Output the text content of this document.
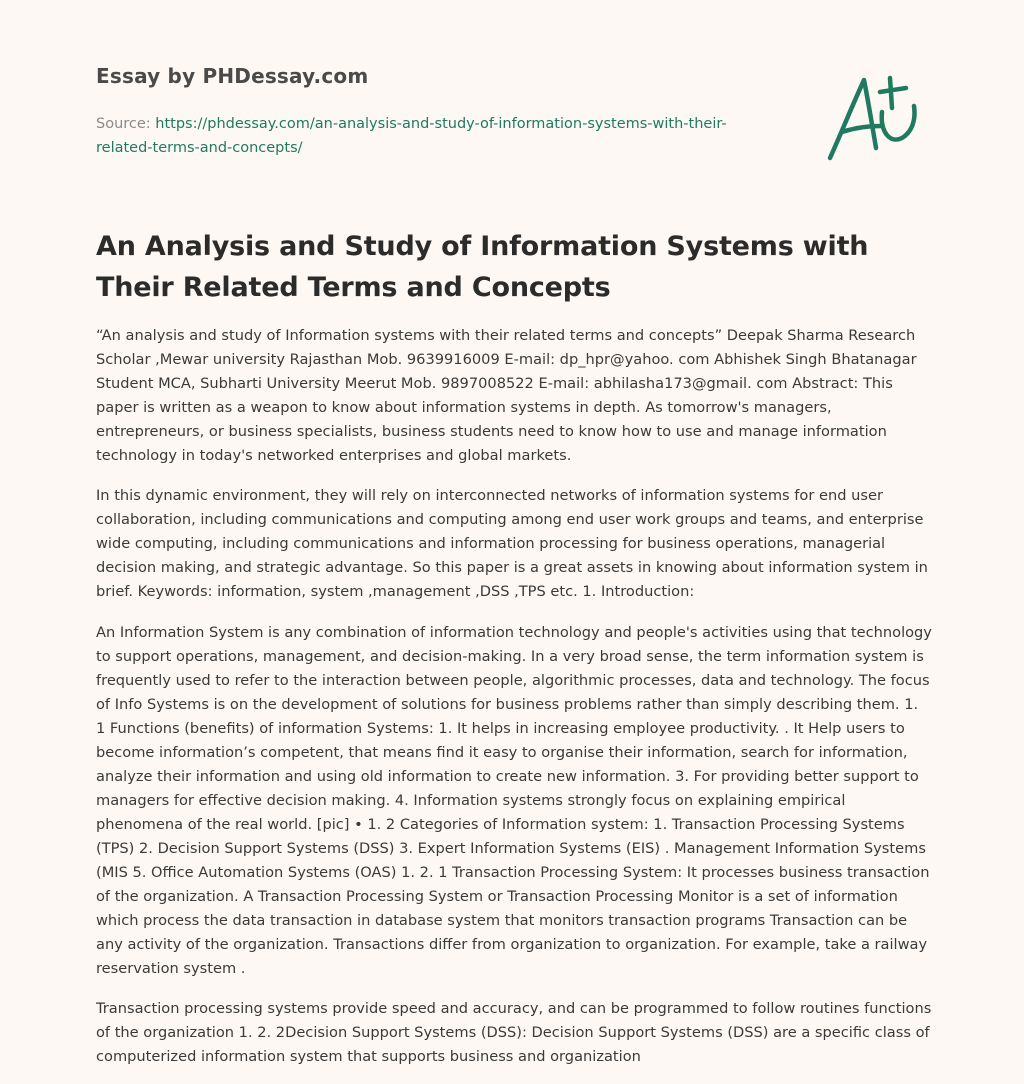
Essay by PHDessay.com
Source: https://phdessay.com/an-analysis-and-study-of-information-systems-with-their-related-terms-and-concepts/
An Analysis and Study of Information Systems with Their Related Terms and Concepts

“An analysis and study of Information systems with their related terms and concepts” Deepak Sharma Research Scholar ,Mewar university Rajasthan Mob. 9639916009 E-mail: dp_hpr@yahoo. com Abhishek Singh Bhatanagar Student MCA, Subharti University Meerut Mob. 9897008522 E-mail: abhilasha173@gmail. com Abstract: This paper is written as a weapon to know about information systems in depth. As tomorrow's managers, entrepreneurs, or business specialists, business students need to know how to use and manage information technology in today's networked enterprises and global markets.

In this dynamic environment, they will rely on interconnected networks of information systems for end user collaboration, including communications and computing among end user work groups and teams, and enterprise wide computing, including communications and information processing for business operations, managerial decision making, and strategic advantage. So this paper is a great assets in knowing about information system in brief. Keywords: information, system ,management ,DSS ,TPS etc. 1. Introduction:

An Information System is any combination of information technology and people's activities using that technology to support operations, management, and decision-making. In a very broad sense, the term information system is frequently used to refer to the interaction between people, algorithmic processes, data and technology. The focus of Info Systems is on the development of solutions for business problems rather than simply describing them. 1. 1 Functions (benefits) of information Systems: 1. It helps in increasing employee productivity. . It Help users to become information’s competent, that means find it easy to organise their information, search for information, analyze their information and using old information to create new information. 3. For providing better support to managers for effective decision making. 4. Information systems strongly focus on explaining empirical phenomena of the real world. [pic] • 1. 2 Categories of Information system: 1. Transaction Processing Systems (TPS) 2. Decision Support Systems (DSS) 3. Expert Information Systems (EIS) . Management Information Systems (MIS 5. Office Automation Systems (OAS) 1. 2. 1 Transaction Processing System: It processes business transaction of the organization. A Transaction Processing System or Transaction Processing Monitor is a set of information which process the data transaction in database system that monitors transaction programs Transaction can be any activity of the organization. Transactions differ from organization to organization. For example, take a railway reservation system .

Transaction processing systems provide speed and accuracy, and can be programmed to follow routines functions of the organization 1. 2. 2Decision Support Systems (DSS): Decision Support Systems (DSS) are a specific class of computerized information system that supports business and organization
